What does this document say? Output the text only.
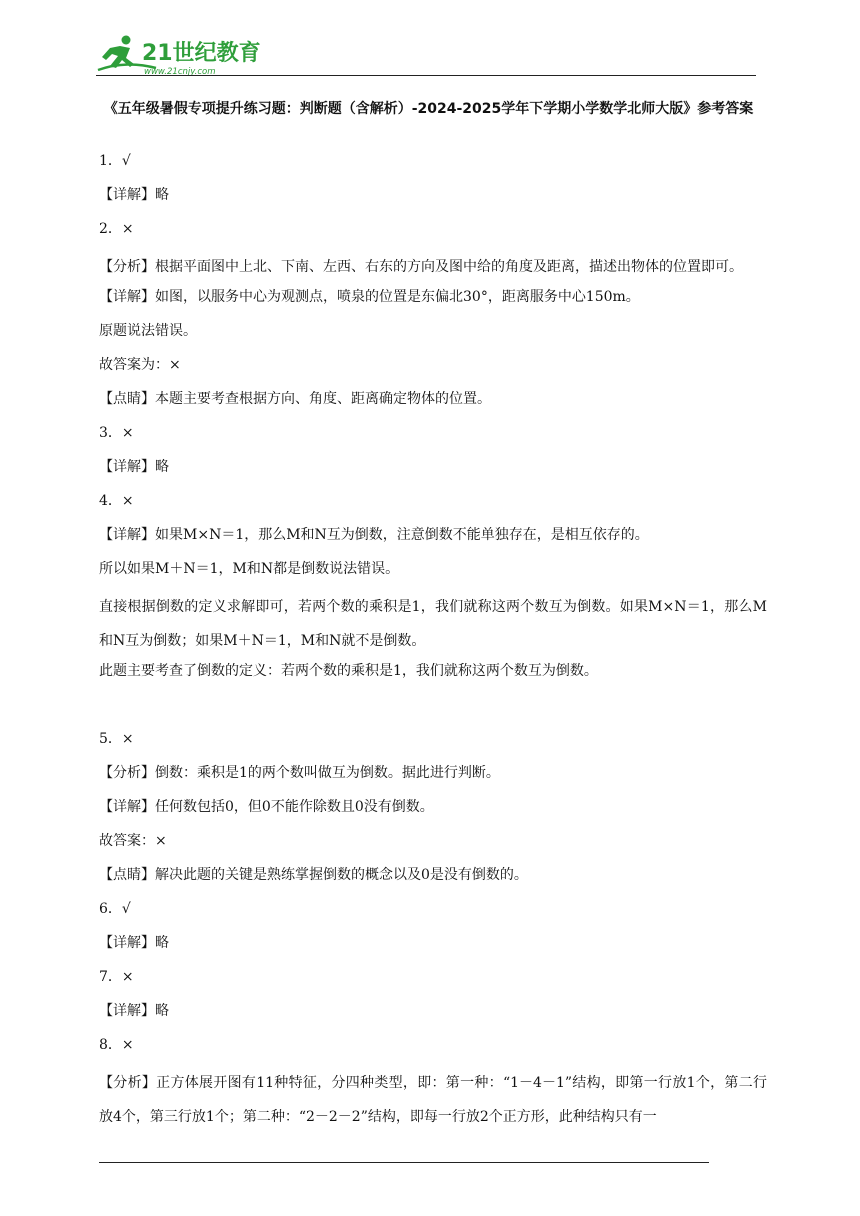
21世纪教育
www.21cnjy.com
《五年级暑假专项提升练习题：判断题（含解析）-2024-2025学年下学期小学数学北师大版》参考答案
1．√
【详解】略
2．×
【分析】根据平面图中上北、下南、左西、右东的方向及图中给的角度及距离，描述出物体的位置即可。
【详解】如图，以服务中心为观测点，喷泉的位置是东偏北30°，距离服务中心150m。
原题说法错误。
故答案为：×
【点睛】本题主要考查根据方向、角度、距离确定物体的位置。
3．×
【详解】略
4．×
【详解】如果M×N＝1，那么M和N互为倒数，注意倒数不能单独存在，是相互依存的。
所以如果M＋N＝1，M和N都是倒数说法错误。
直接根据倒数的定义求解即可，若两个数的乘积是1，我们就称这两个数互为倒数。如果M×N＝1，那么M和N互为倒数；如果M＋N＝1，M和N就不是倒数。
此题主要考查了倒数的定义：若两个数的乘积是1，我们就称这两个数互为倒数。
5．×
【分析】倒数：乘积是1的两个数叫做互为倒数。据此进行判断。
【详解】任何数包括0，但0不能作除数且0没有倒数。
故答案：×
【点睛】解决此题的关键是熟练掌握倒数的概念以及0是没有倒数的。
6．√
【详解】略
7．×
【详解】略
8．×
【分析】正方体展开图有11种特征，分四种类型，即：第一种：“1－4－1”结构，即第一行放1个，第二行放4个，第三行放1个；第二种：“2－2－2”结构，即每一行放2个正方形，此种结构只有一
